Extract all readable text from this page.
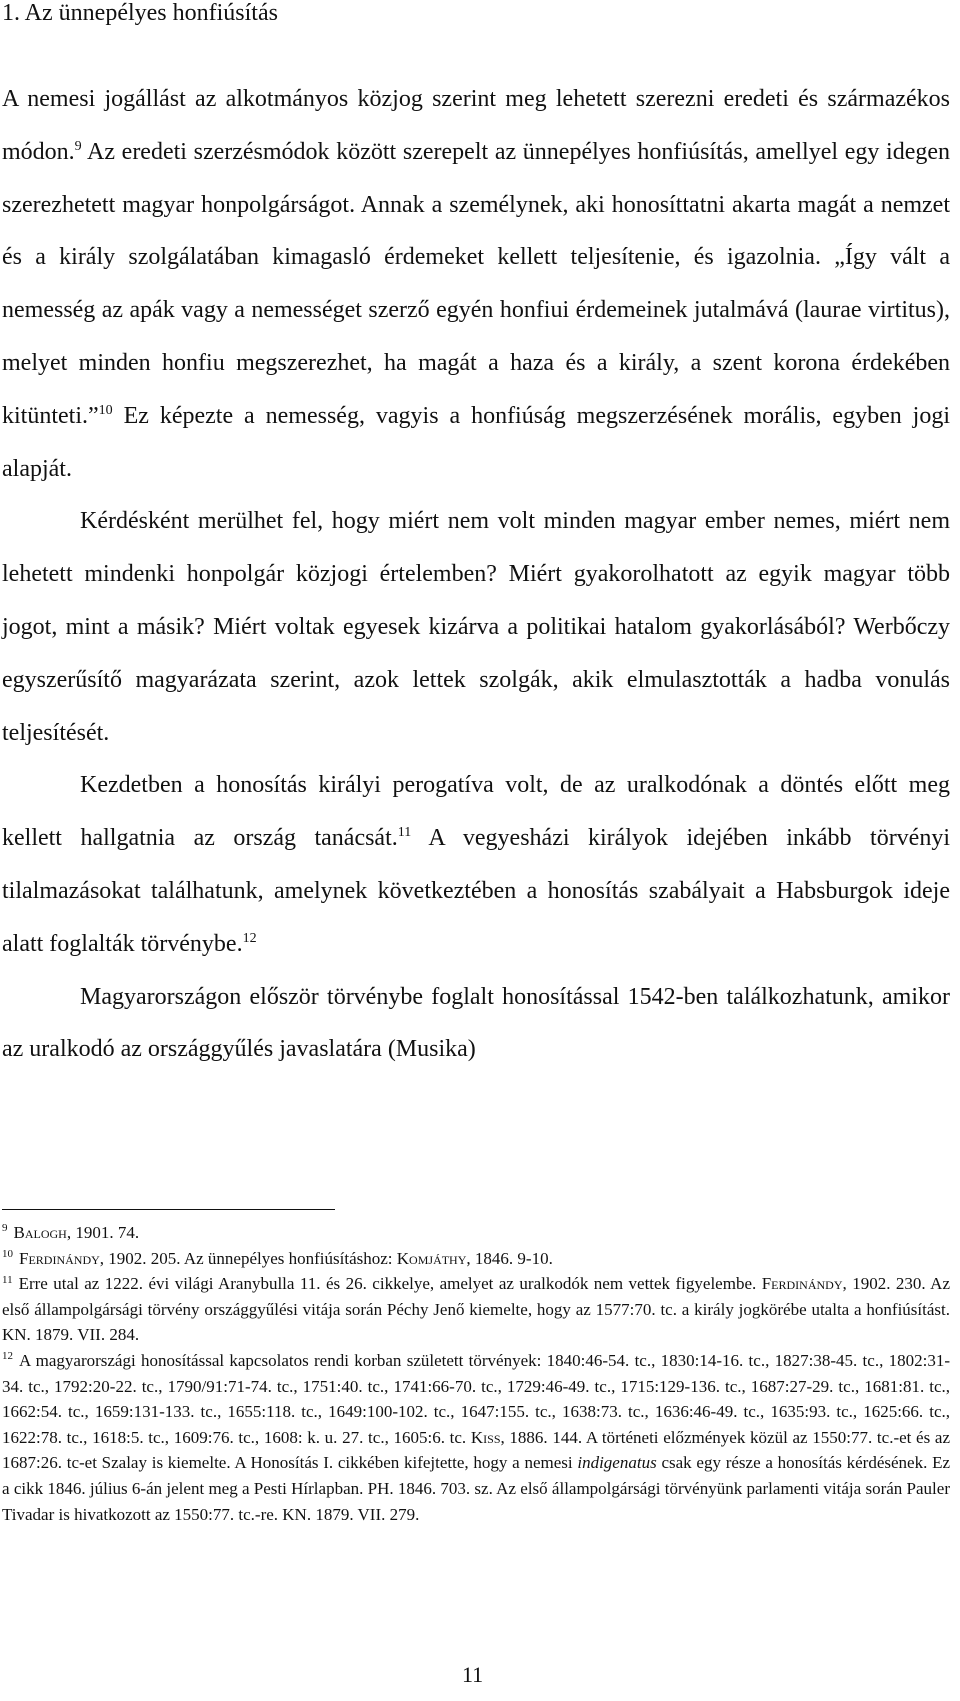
1. Az ünnepélyes honfiúsítás

A nemesi jogállást az alkotmányos közjog szerint meg lehetett szerezni eredeti és származékos módon.$^9$ Az eredeti szerzésmódok között szerepelt az ünnepélyes honfiúsítás, amellyel egy idegen szerezhetett magyar honpolgárságot. Annak a személynek, aki honosíttatni akarta magát a nemzet és a király szolgálatában kimagasló érdemeket kellett teljesítenie, és igazolnia. „Így vált a nemesség az apák vagy a nemességet szerző egyén honfiui érdemeinek jutalmává (laurae virtitus), melyet minden honfiu megszerezhet, ha magát a haza és a király, a szent korona érdekében kitünteti.”$^{10}$ Ez képezte a nemesség, vagyis a honfiúság megszerzésének morális, egyben jogi alapját.

Kérdésként merülhet fel, hogy miért nem volt minden magyar ember nemes, miért nem lehetett mindenki honpolgár közjogi értelemben? Miért gyakorolhatott az egyik magyar több jogot, mint a másik? Miért voltak egyesek kizárva a politikai hatalom gyakorlásából? Werbőczy egyszerűsítő magyarázata szerint, azok lettek szolgák, akik elmulasztották a hadba vonulás teljesítését.

Kezdetben a honosítás királyi perogatíva volt, de az uralkodónak a döntés előtt meg kellett hallgatnia az ország tanácsát.$^{11}$ A vegyesházi királyok idejében inkább törvényi tilalmazásokat találhatunk, amelynek következtében a honosítás szabályait a Habsburgok ideje alatt foglalták törvénybe.$^{12}$

Magyarországon először törvénybe foglalt honosítással 1542-ben találkozhatunk, amikor az uralkodó az országgyűlés javaslatára (Musika)

$^9$ Balogh, 1901. 74.

$^{10}$ Ferdinándy, 1902. 205. Az ünnepélyes honfiúsításhoz: Komjáthy, 1846. 9-10.

$^{11}$ Erre utal az 1222. évi világi Aranybulla 11. és 26. cikkelye, amelyet az uralkodók nem vettek figyelembe. Ferdinándy, 1902. 230. Az első állampolgársági törvény országgyűlési vitája során Péchy Jenő kiemelte, hogy az 1577:70. tc. a király jogkörébe utalta a honfiúsítást. KN. 1879. VII. 284.

$^{12}$ A magyarországi honosítással kapcsolatos rendi korban született törvények: 1840:46-54. tc., 1830:14-16. tc., 1827:38-45. tc., 1802:31-34. tc., 1792:20-22. tc., 1790/91:71-74. tc., 1751:40. tc., 1741:66-70. tc., 1729:46-49. tc., 1715:129-136. tc., 1687:27-29. tc., 1681:81. tc., 1662:54. tc., 1659:131-133. tc., 1655:118. tc., 1649:100-102. tc., 1647:155. tc., 1638:73. tc., 1636:46-49. tc., 1635:93. tc., 1625:66. tc., 1622:78. tc., 1618:5. tc., 1609:76. tc., 1608: k. u. 27. tc., 1605:6. tc. Kiss, 1886. 144. A történeti előzmények közül az 1550:77. tc.-et és az 1687:26. tc-et Szalay is kiemelte. A Honosítás I. cikkében kifejtette, hogy a nemesi indigenatus csak egy része a honosítás kérdésének. Ez a cikk 1846. július 6-án jelent meg a Pesti Hírlapban. PH. 1846. 703. sz. Az első állampolgársági törvényünk parlamenti vitája során Pauler Tivadar is hivatkozott az 1550:77. tc.-re. KN. 1879. VII. 279.

11
